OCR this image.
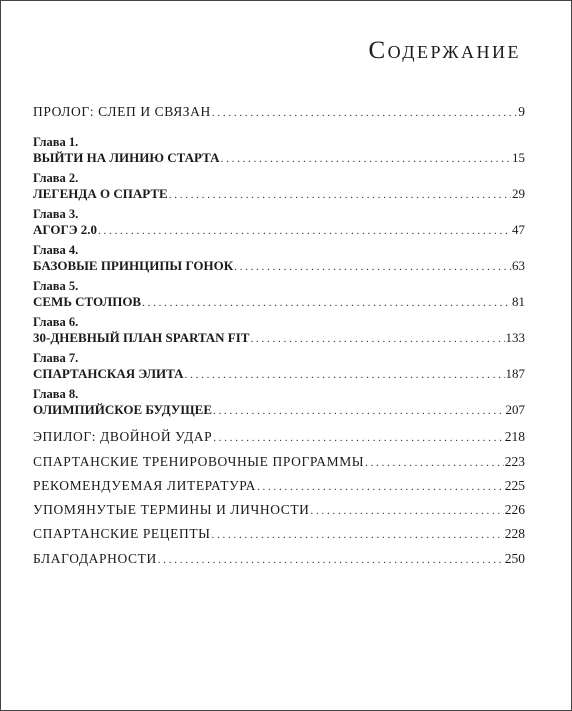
Содержание
ПРОЛОГ: СЛЕП И СВЯЗАН . . .	9
Глава 1.
ВЫЙТИ НА ЛИНИЮ СТАРТА . . .	15
Глава 2.
ЛЕГЕНДА О СПАРТЕ . . .	29
Глава 3.
АГОГЭ 2.0 . . .	47
Глава 4.
БАЗОВЫЕ ПРИНЦИПЫ ГОНОК . . .	63
Глава 5.
СЕМЬ СТОЛПОВ . . .	81
Глава 6.
30-ДНЕВНЫЙ ПЛАН SPARTAN FIT . . .	133
Глава 7.
СПАРТАНСКАЯ ЭЛИТА . . .	187
Глава 8.
ОЛИМПИЙСКОЕ БУДУЩЕЕ . . .	207
ЭПИЛОГ: ДВОЙНОЙ УДАР . . .	218
СПАРТАНСКИЕ ТРЕНИРОВОЧНЫЕ ПРОГРАММЫ . . .	223
РЕКОМЕНДУЕМАЯ ЛИТЕРАТУРА . . .	225
УПОМЯНУТЫЕ ТЕРМИНЫ И ЛИЧНОСТИ . . .	226
СПАРТАНСКИЕ РЕЦЕПТЫ . . .	228
БЛАГОДАРНОСТИ . . .	250
